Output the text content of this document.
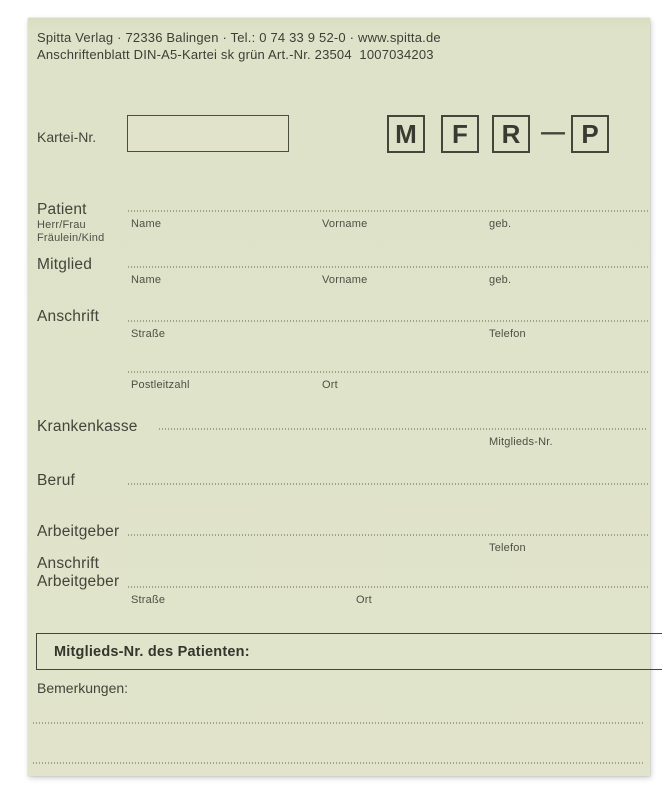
Spitta Verlag · 72336 Balingen · Tel.: 0 74 33 9 52-0 · www.spitta.de
Anschriftenblatt DIN-A5-Kartei sk grün Art.-Nr. 23504  1007034203
Kartei-Nr.	M F R — P
Patient
Herr/Frau
Fräulein/Kind
Name	Vorname	geb.
Mitglied
Name	Vorname	geb.
Anschrift
Straße	Telefon
Postleitzahl	Ort
Krankenkasse
Mitglieds-Nr.
Beruf
Arbeitgeber
Telefon
Anschrift
Arbeitgeber
Straße	Ort
Mitglieds-Nr. des Patienten:
Bemerkungen:
